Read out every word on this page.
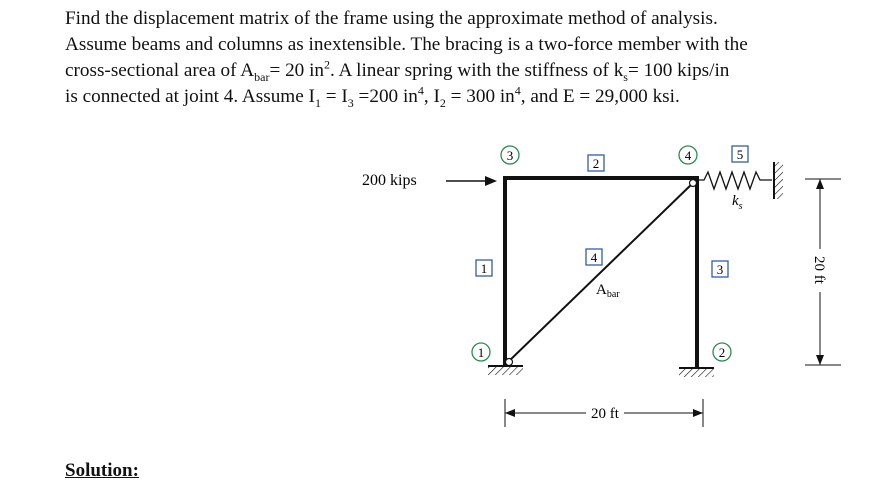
Find the displacement matrix of the frame using the approximate method of analysis.
Assume beams and columns as inextensible. The bracing is a two-force member with the
cross-sectional area of $A_{bar}= 20$ $in^2$. A linear spring with the stiffness of $k_s= 100$ kips/in
is connected at joint 4. Assume $I_1 = I_3 =200$ $in^4$, $I_2 = 300$ $in^4$, and E = 29,000 ksi.
$k_s$
200 kips
3	4
1	2
2
5
1
4
3
$A_{bar}$
20 ft
20 ft
Solution:
